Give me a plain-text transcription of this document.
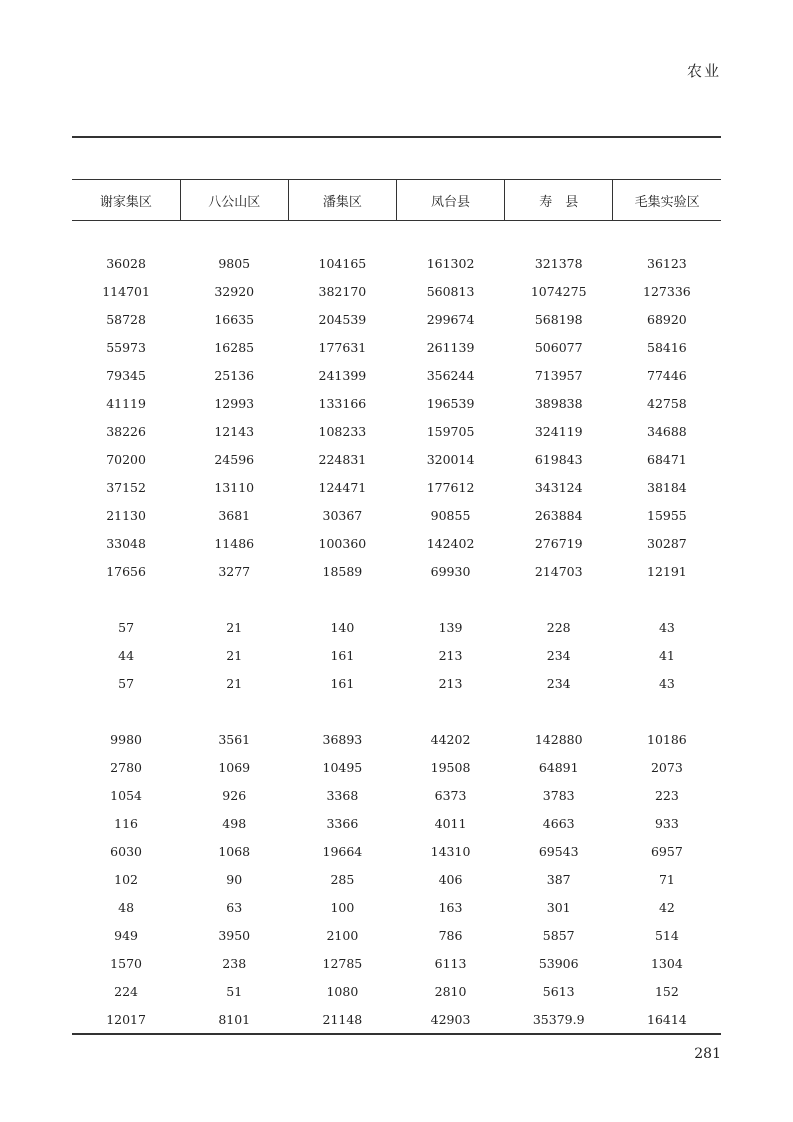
农业
谢家集区	八公山区	潘集区	凤台县	寿　县	毛集实验区

36028	9805	104165	161302	321378	36123
114701	32920	382170	560813	1074275	127336
58728	16635	204539	299674	568198	68920
55973	16285	177631	261139	506077	58416
79345	25136	241399	356244	713957	77446
41119	12993	133166	196539	389838	42758
38226	12143	108233	159705	324119	34688
70200	24596	224831	320014	619843	68471
37152	13110	124471	177612	343124	38184
21130	3681	30367	90855	263884	15955
33048	11486	100360	142402	276719	30287
17656	3277	18589	69930	214703	12191

57	21	140	139	228	43
44	21	161	213	234	41
57	21	161	213	234	43

9980	3561	36893	44202	142880	10186
2780	1069	10495	19508	64891	2073
1054	926	3368	6373	3783	223
116	498	3366	4011	4663	933
6030	1068	19664	14310	69543	6957
102	90	285	406	387	71
48	63	100	163	301	42
949	3950	2100	786	5857	514
1570	238	12785	6113	53906	1304
224	51	1080	2810	5613	152
12017	8101	21148	42903	35379.9	16414
281
